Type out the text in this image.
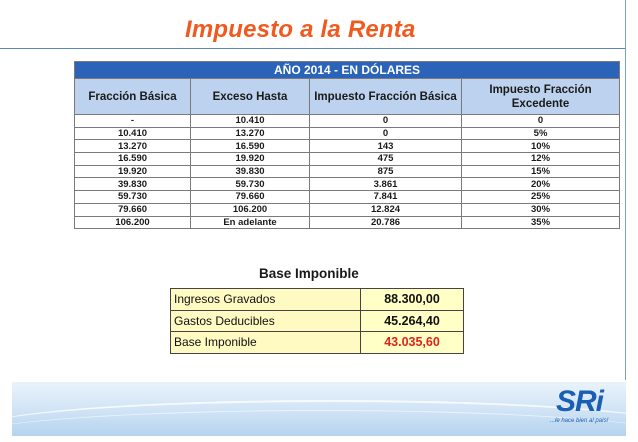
Impuesto a la Renta
AÑO 2014 - EN DÓLARES			
Fracción Básica	Exceso Hasta	Impuesto Fracción Básica	Impuesto Fracción Excedente
-	10.410	0	0
10.410	13.270	0	5%
13.270	16.590	143	10%
16.590	19.920	475	12%
19.920	39.830	875	15%
39.830	59.730	3.861	20%
59.730	79.660	7.841	25%
79.660	106.200	12.824	30%
106.200	En adelante	20.786	35%
Base Imponible
Ingresos Gravados	88.300,00
Gastos Deducibles	45.264,40
Base Imponible	43.035,60
SRi
...le hace bien al país!
